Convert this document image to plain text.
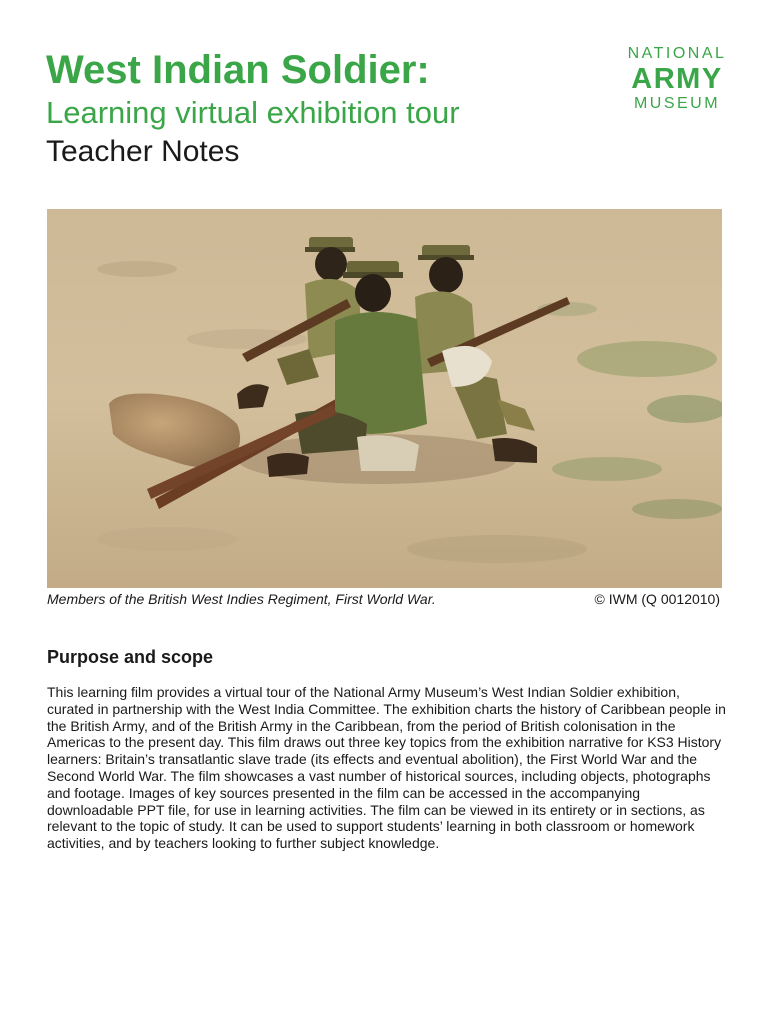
West Indian Soldier:
Learning virtual exhibition tour
Teacher Notes
NATIONAL
ARMY
MUSEUM
Members of the British West Indies Regiment, First World War.	© IWM (Q 0012010)
Purpose and scope

This learning film provides a virtual tour of the National Army Museum’s West Indian Soldier exhibition, curated in partnership with the West India Committee. The exhibition charts the history of Caribbean people in the British Army, and of the British Army in the Caribbean, from the period of British colonisation in the Americas to the present day. This film draws out three key topics from the exhibition narrative for KS3 History learners: Britain’s transatlantic slave trade (its effects and eventual abolition), the First World War and the Second World War. The film showcases a vast number of historical sources, including objects, photographs and footage. Images of key sources presented in the film can be accessed in the accompanying downloadable PPT file, for use in learning activities. The film can be viewed in its entirety or in sections, as relevant to the topic of study. It can be used to support students’ learning in both classroom or homework activities, and by teachers looking to further subject knowledge.
